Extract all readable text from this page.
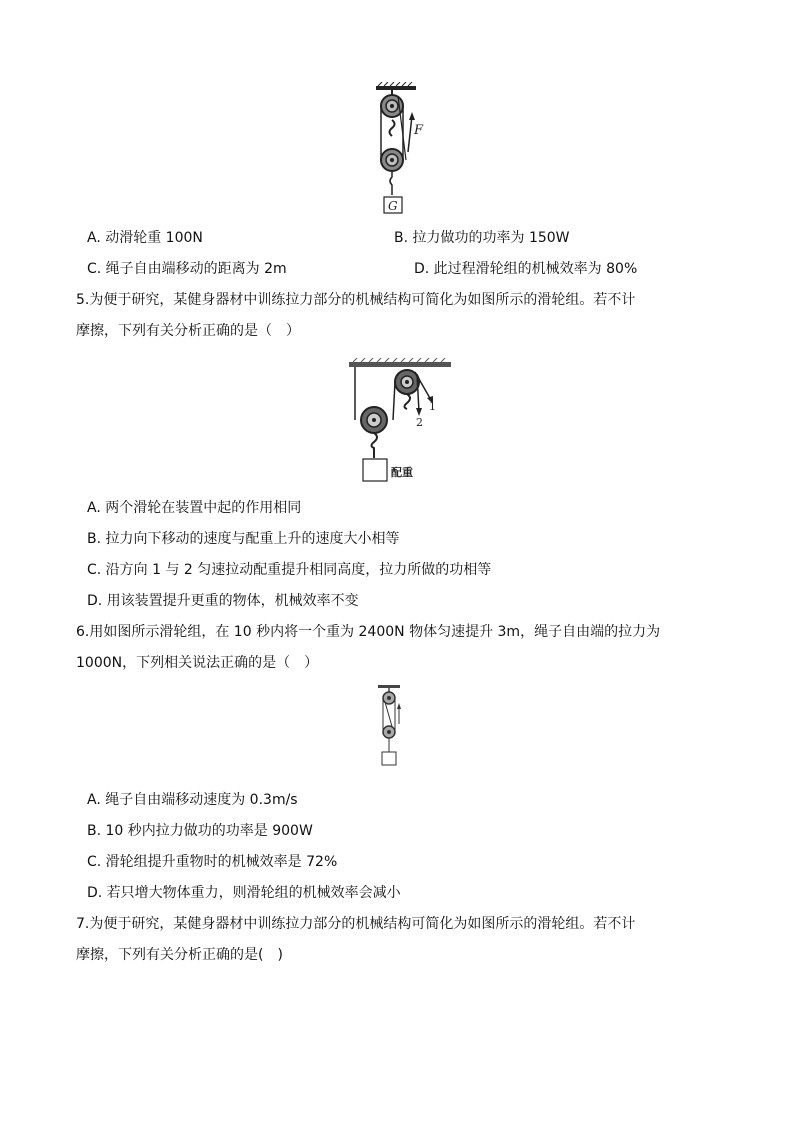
F
G
A. 动滑轮重 100N	B. 拉力做功的功率为 150W
C. 绳子自由端移动的距离为 2m	D. 此过程滑轮组的机械效率为 80%
5.为便于研究，某健身器材中训练拉力部分的机械结构可简化为如图所示的滑轮组。若不计
摩擦，下列有关分析正确的是（　）
1
2
配重
A. 两个滑轮在装置中起的作用相同
B. 拉力向下移动的速度与配重上升的速度大小相等
C. 沿方向 1 与 2 匀速拉动配重提升相同高度，拉力所做的功相等
D. 用该装置提升更重的物体，机械效率不变
6.用如图所示滑轮组，在 10 秒内将一个重为 2400N 物体匀速提升 3m，绳子自由端的拉力为
1000N，下列相关说法正确的是（　）
A. 绳子自由端移动速度为 0.3m/s
B. 10 秒内拉力做功的功率是 900W
C. 滑轮组提升重物时的机械效率是 72%
D. 若只增大物体重力，则滑轮组的机械效率会减小
7.为便于研究，某健身器材中训练拉力部分的机械结构可简化为如图所示的滑轮组。若不计
摩擦，下列有关分析正确的是(　)
